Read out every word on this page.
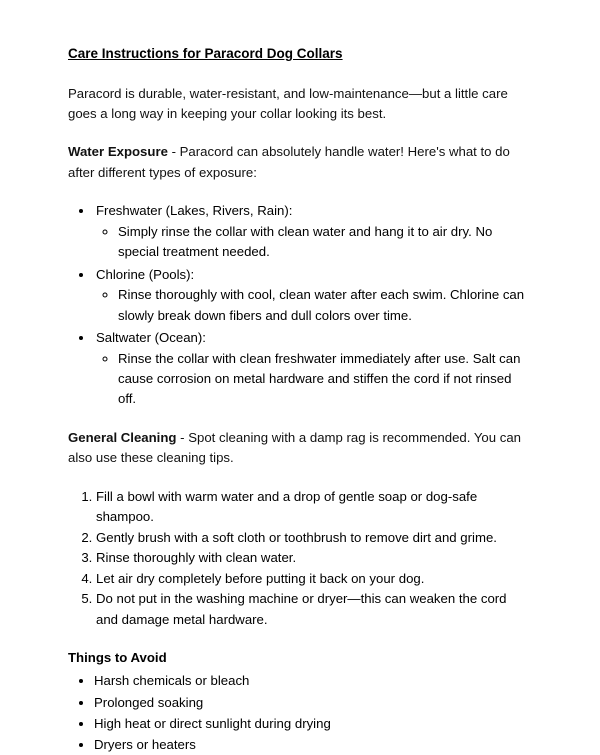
Care Instructions for Paracord Dog Collars

Paracord is durable, water-resistant, and low-maintenance—but a little care goes a long way in keeping your collar looking its best.

Water Exposure - Paracord can absolutely handle water! Here's what to do after different types of exposure:

• Freshwater (Lakes, Rivers, Rain):
◦ Simply rinse the collar with clean water and hang it to air dry. No special treatment needed.
• Chlorine (Pools):
◦ Rinse thoroughly with cool, clean water after each swim. Chlorine can slowly break down fibers and dull colors over time.
• Saltwater (Ocean):
◦ Rinse the collar with clean freshwater immediately after use. Salt can cause corrosion on metal hardware and stiffen the cord if not rinsed off.

General Cleaning - Spot cleaning with a damp rag is recommended. You can also use these cleaning tips.

1. Fill a bowl with warm water and a drop of gentle soap or dog-safe shampoo.
2. Gently brush with a soft cloth or toothbrush to remove dirt and grime.
3. Rinse thoroughly with clean water.
4. Let air dry completely before putting it back on your dog.
5. Do not put in the washing machine or dryer—this can weaken the cord and damage metal hardware.
Things to Avoid
• Harsh chemicals or bleach
• Prolonged soaking
• High heat or direct sunlight during drying
• Dryers or heaters
